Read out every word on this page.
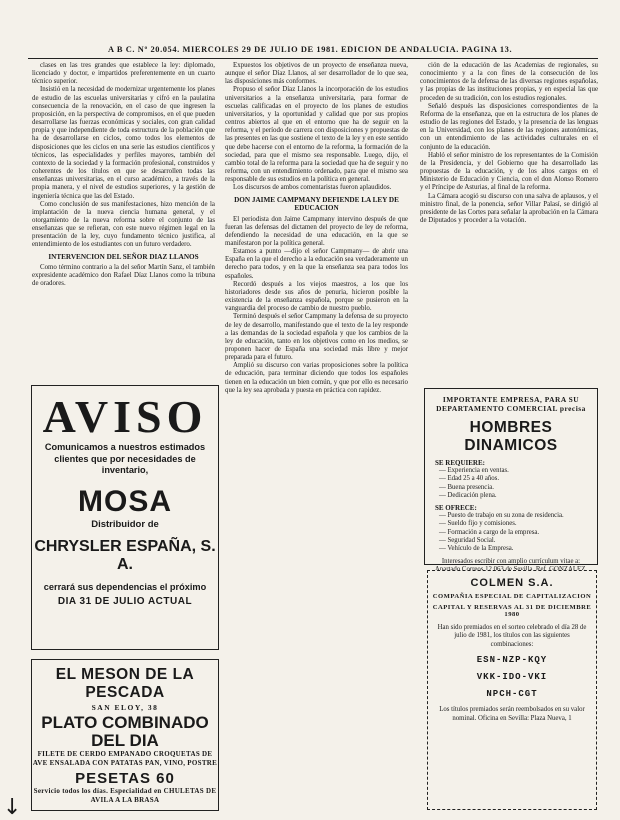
A B C. Nº 20.054. MIERCOLES 29 DE JULIO DE 1981. EDICION DE ANDALUCIA. PAGINA 13.

clases en las tres grandes que establece la ley: diplomado, licenciado y doctor, e impartidos preferentemente en un cuarto técnico superior.

Insistió en la necesidad de modernizar urgentemente los planes de estudio de las escuelas universitarias y cifró en la paulatina consecuencia de la renovación, en el caso de que ingresen la proposición, en la perspectiva de compromisos, en el que pueden desarrollarse las fuerzas económicas y sociales, con gran calidad propia y que independiente de toda estructura de la población que ha de desarrollarse en ciclos, como todos los elementos de disposiciones que les ciclos en una serie las estudios científicos y técnicos, las especialidades y perfiles mayores, también del contexto de la sociedad y la formación profesional, construidos y coherentes de los títulos en que se desarrollen todas las enseñanzas universitarias, en el curso académico, a través de la propia manera, y el nivel de estudios superiores, y la gestión de ingeniería técnica que las del Estado.

Como conclusión de sus manifestaciones, hizo mención de la implantación de la nueva ciencia humana general, y el otorgamiento de la nueva reforma sobre el conjunto de las enseñanzas que se refieran, con este nuevo régimen legal en la presentación de la ley, cuyo fundamento técnico justifica, al entendimiento de los estudiantes con un futuro verdadero.

INTERVENCION DEL SEÑOR DIAZ LLANOS

Como término contrario a la del señor Martín Sanz, el también expresidente académico don Rafael Díaz Llanos como la tribuna de oradores.

AVISO
Comunicamos a nuestros estimados clientes que por necesidades de inventario,
MOSA
Distribuidor de
CHRYSLER ESPAÑA, S. A.
cerrará sus dependencias el próximo
DIA 31 DE JULIO ACTUAL
EL MESON DE LA PESCADA
SAN ELOY, 38
PLATO COMBINADO DEL DIA
FILETE DE CERDO EMPANADO CROQUETAS DE AVE ENSALADA CON PATATAS PAN, VINO, POSTRE
PESETAS 60
Servicio todos los días. Especialidad en CHULETAS DE AVILA A LA BRASA

Expuestos los objetivos de un proyecto de enseñanza nueva, aunque el señor Díaz Llanos, al ser desarrollador de lo que sea, las disposiciones más conformes.

Propuso el señor Díaz Llanos la incorporación de los estudios universitarios a la enseñanza universitaria, para formar de escuelas calificadas en el proyecto de los planes de estudios universitarios, y la oportunidad y calidad que por sus propios centros abiertos al que en el entorno que ha de seguir en la reforma, y el período de carrera con disposiciones y propuestas de las presentes en las que sostiene el texto de la ley y en este sentido que debe hacerse con el entorno de la reforma, la formación de la sociedad, para que el mismo sea responsable. Luego, dijo, el cambio total de la reforma para la sociedad que ha de seguir y no reforma, con un entendimiento ordenado, para que el mismo sea responsable de sus estudios en la política en general.

Los discursos de ambos comentaristas fueron aplaudidos.

DON JAIME CAMPMANY DEFIENDE LA LEY DE EDUCACION

El periodista don Jaime Campmany intervino después de que fueran las defensas del dictamen del proyecto de ley de reforma, defendiendo la necesidad de una educación, en la que se manifestaron por la política general.

Estamos a punto —dijo el señor Campmany— de abrir una España en la que el derecho a la educación sea verdaderamente un derecho para todos, y en la que la enseñanza sea para todos los españoles.

Recordó después a los viejos maestros, a los que los historiadores desde sus años de penuria, hicieron posible la existencia de la enseñanza española, porque se pusieron en la vanguardia del proceso de cambio de nuestro pueblo.

Terminó después el señor Campmany la defensa de su proyecto de ley de desarrollo, manifestando que el texto de la ley responde a las demandas de la sociedad española y que los cambios de la ley de educación, tanto en los objetivos como en los medios, se proponen hacer de España una sociedad más libre y mejor preparada para el futuro.

Amplió su discurso con varias proposiciones sobre la política de educación, para terminar diciendo que todos los españoles tienen en la educación un bien común, y que por ello es necesario que la ley sea aprobada y puesta en práctica con rapidez.

ción de la educación de las Academias de regionales, su conocimiento y a la con fines de la consecución de los conocimientos de la defensa de las diversas regiones españolas, y las propias de las instituciones propias, y en especial las que proceden de su tradición, con los estudios regionales.

Señaló después las disposiciones correspondientes de la Reforma de la enseñanza, que en la estructura de los planes de estudio de las regiones del Estado, y la presencia de las lenguas en la Universidad, con los planes de las regiones autonómicas, con un entendimiento de las actividades culturales en el conjunto de la educación.

Habló el señor ministro de los representantes de la Comisión de la Presidencia, y del Gobierno que ha desarrollado las propuestas de la educación, y de los altos cargos en el Ministerio de Educación y Ciencia, con el don Alonso Romero y el Príncipe de Asturias, al final de la reforma.

La Cámara acogió su discurso con una salva de aplausos, y el ministro final, de la ponencia, señor Villar Palasí, se dirigió al presidente de las Cortes para señalar la aprobación en la Cámara de Diputados y proceder a la votación.

IMPORTANTE EMPRESA, PARA SU DEPARTAMENTO COMERCIAL precisa
HOMBRES DINAMICOS
SE REQUIERE:
— Experiencia en ventas.
— Edad 25 a 40 años.
— Buena presencia.
— Dedicación plena.
SE OFRECE:
— Puesto de trabajo en su zona de residencia.
— Sueldo fijo y comisiones.
— Formación a cargo de la empresa.
— Seguridad Social.
— Vehículo de la Empresa.
Interesados escribir con amplio currículum vitae a:
COLMEN S.A.
COMPAÑIA ESPECIAL DE CAPITALIZACION
CAPITAL Y RESERVAS AL 31 DE DICIEMBRE 1980
Han sido premiados en el sorteo celebrado el día 28 de julio de 1981, los títulos con las siguientes combinaciones:
ESN-NZP-KQY
VKK-IDO-VKI
NPCH-CGT
Los títulos premiados serán reembolsados en su valor nominal. Oficina en Sevilla: Plaza Nueva, 1
↓
